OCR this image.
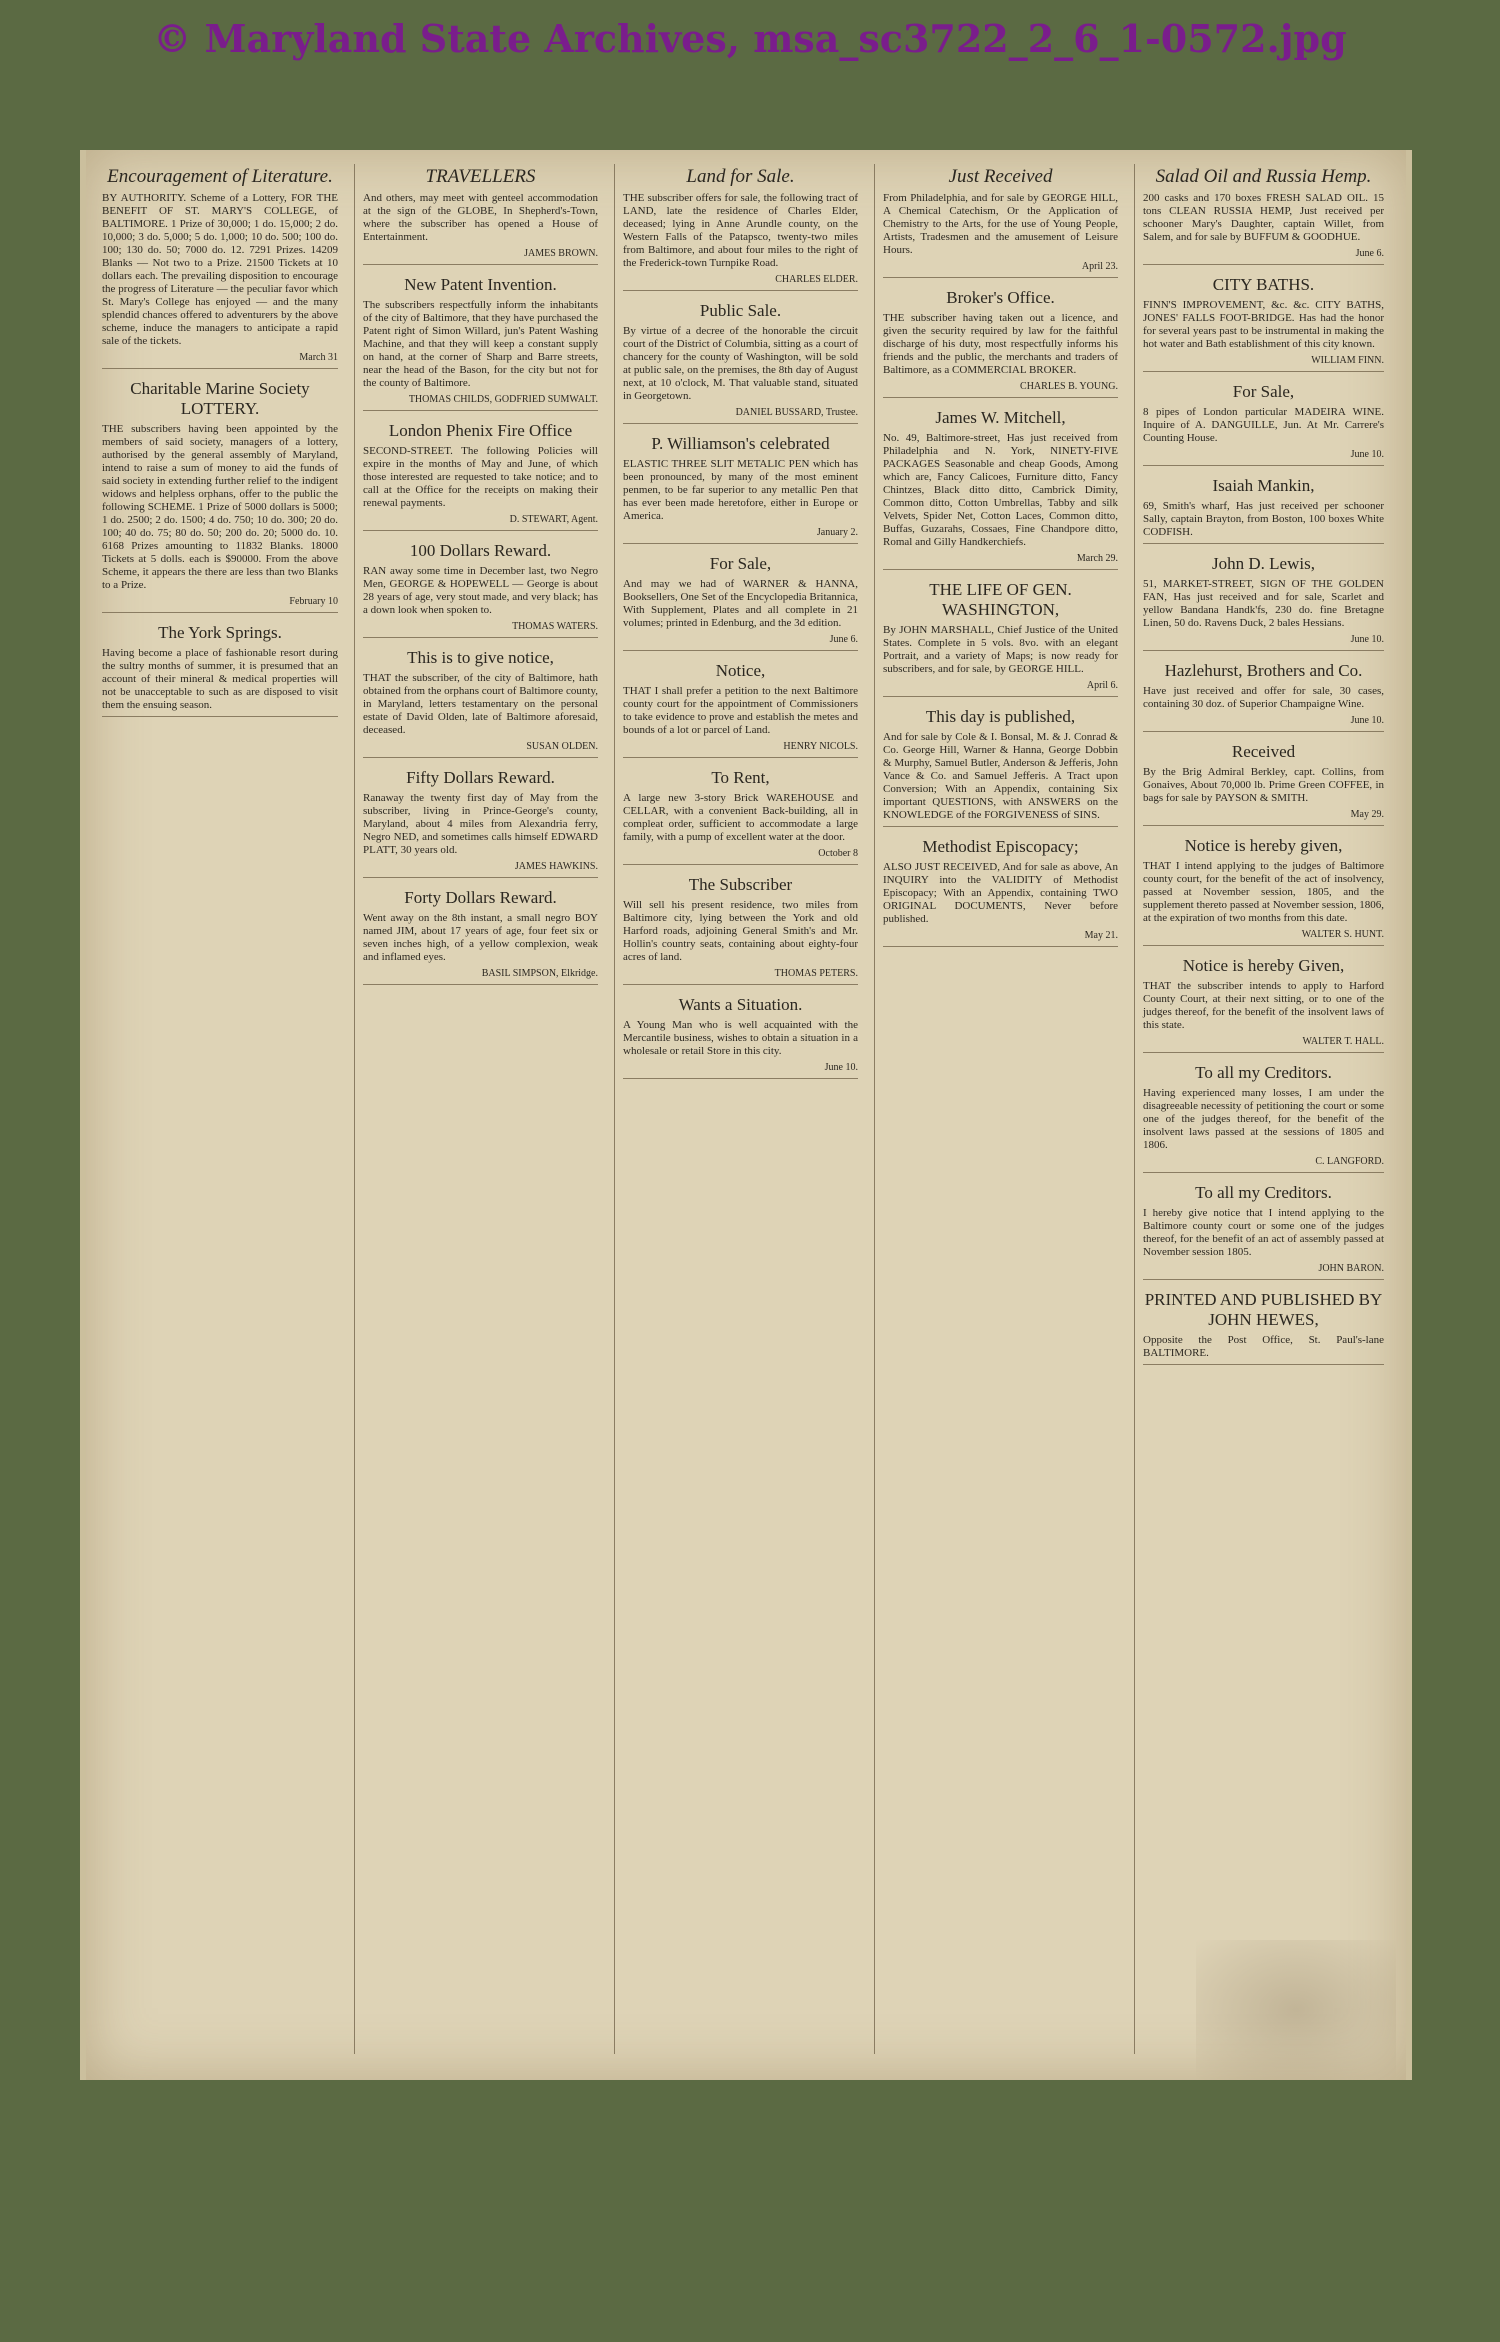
© Maryland State Archives, msa_sc3722_2_6_1-0572.jpg
Encouragement of Literature.
BY AUTHORITY. Scheme of a Lottery, FOR THE BENEFIT OF ST. MARY'S COLLEGE, of BALTIMORE. 1 Prize of 30,000; 1 do. 15,000; 2 do. 10,000; 3 do. 5,000; 5 do. 1,000; 10 do. 500; 100 do. 100; 130 do. 50; 7000 do. 12. 7291 Prizes. 14209 Blanks — Not two to a Prize. 21500 Tickets at 10 dollars each. The prevailing disposition to encourage the progress of Literature — the peculiar favor which St. Mary's College has enjoyed — and the many splendid chances offered to adventurers by the above scheme, induce the managers to anticipate a rapid sale of the tickets.
March 31
Charitable Marine Society LOTTERY.
THE subscribers having been appointed by the members of said society, managers of a lottery, authorised by the general assembly of Maryland, intend to raise a sum of money to aid the funds of said society in extending further relief to the indigent widows and helpless orphans, offer to the public the following SCHEME. 1 Prize of 5000 dollars is 5000; 1 do. 2500; 2 do. 1500; 4 do. 750; 10 do. 300; 20 do. 100; 40 do. 75; 80 do. 50; 200 do. 20; 5000 do. 10. 6168 Prizes amounting to 11832 Blanks. 18000 Tickets at 5 dolls. each is $90000. From the above Scheme, it appears the there are less than two Blanks to a Prize.
February 10
The York Springs.
Having become a place of fashionable resort during the sultry months of summer, it is presumed that an account of their mineral & medical properties will not be unacceptable to such as are disposed to visit them the ensuing season.
TRAVELLERS
And others, may meet with genteel accommodation at the sign of the GLOBE, In Shepherd's-Town, where the subscriber has opened a House of Entertainment.
JAMES BROWN.
New Patent Invention.
The subscribers respectfully inform the inhabitants of the city of Baltimore, that they have purchased the Patent right of Simon Willard, jun's Patent Washing Machine, and that they will keep a constant supply on hand, at the corner of Sharp and Barre streets, near the head of the Bason, for the city but not for the county of Baltimore.
THOMAS CHILDS, GODFRIED SUMWALT.
London Phenix Fire Office
SECOND-STREET. The following Policies will expire in the months of May and June, of which those interested are requested to take notice; and to call at the Office for the receipts on making their renewal payments.
D. STEWART, Agent.
100 Dollars Reward.
RAN away some time in December last, two Negro Men, GEORGE & HOPEWELL — George is about 28 years of age, very stout made, and very black; has a down look when spoken to.
THOMAS WATERS.
This is to give notice,
THAT the subscriber, of the city of Baltimore, hath obtained from the orphans court of Baltimore county, in Maryland, letters testamentary on the personal estate of David Olden, late of Baltimore aforesaid, deceased.
SUSAN OLDEN.
Fifty Dollars Reward.
Ranaway the twenty first day of May from the subscriber, living in Prince-George's county, Maryland, about 4 miles from Alexandria ferry, Negro NED, and sometimes calls himself EDWARD PLATT, 30 years old.
JAMES HAWKINS.
Forty Dollars Reward.
Went away on the 8th instant, a small negro BOY named JIM, about 17 years of age, four feet six or seven inches high, of a yellow complexion, weak and inflamed eyes.
BASIL SIMPSON, Elkridge.
Land for Sale.
THE subscriber offers for sale, the following tract of LAND, late the residence of Charles Elder, deceased; lying in Anne Arundle county, on the Western Falls of the Patapsco, twenty-two miles from Baltimore, and about four miles to the right of the Frederick-town Turnpike Road.
CHARLES ELDER.
Public Sale.
By virtue of a decree of the honorable the circuit court of the District of Columbia, sitting as a court of chancery for the county of Washington, will be sold at public sale, on the premises, the 8th day of August next, at 10 o'clock, M. That valuable stand, situated in Georgetown.
DANIEL BUSSARD, Trustee.
P. Williamson's celebrated
ELASTIC THREE SLIT METALIC PEN which has been pronounced, by many of the most eminent penmen, to be far superior to any metallic Pen that has ever been made heretofore, either in Europe or America.
January 2.
For Sale,
And may we had of WARNER & HANNA, Booksellers, One Set of the Encyclopedia Britannica, With Supplement, Plates and all complete in 21 volumes; printed in Edenburg, and the 3d edition.
June 6.
Notice,
THAT I shall prefer a petition to the next Baltimore county court for the appointment of Commissioners to take evidence to prove and establish the metes and bounds of a lot or parcel of Land.
HENRY NICOLS.
To Rent,
A large new 3-story Brick WAREHOUSE and CELLAR, with a convenient Back-building, all in compleat order, sufficient to accommodate a large family, with a pump of excellent water at the door.
October 8
The Subscriber
Will sell his present residence, two miles from Baltimore city, lying between the York and old Harford roads, adjoining General Smith's and Mr. Hollin's country seats, containing about eighty-four acres of land.
THOMAS PETERS.
Wants a Situation.
A Young Man who is well acquainted with the Mercantile business, wishes to obtain a situation in a wholesale or retail Store in this city.
June 10.
Just Received
From Philadelphia, and for sale by GEORGE HILL, A Chemical Catechism, Or the Application of Chemistry to the Arts, for the use of Young People, Artists, Tradesmen and the amusement of Leisure Hours.
April 23.
Broker's Office.
THE subscriber having taken out a licence, and given the security required by law for the faithful discharge of his duty, most respectfully informs his friends and the public, the merchants and traders of Baltimore, as a COMMERCIAL BROKER.
CHARLES B. YOUNG.
James W. Mitchell,
No. 49, Baltimore-street, Has just received from Philadelphia and N. York, NINETY-FIVE PACKAGES Seasonable and cheap Goods, Among which are, Fancy Calicoes, Furniture ditto, Fancy Chintzes, Black ditto ditto, Cambrick Dimity, Common ditto, Cotton Umbrellas, Tabby and silk Velvets, Spider Net, Cotton Laces, Common ditto, Buffas, Guzarahs, Cossaes, Fine Chandpore ditto, Romal and Gilly Handkerchiefs.
March 29.
THE LIFE OF GEN. WASHINGTON,
By JOHN MARSHALL, Chief Justice of the United States. Complete in 5 vols. 8vo. with an elegant Portrait, and a variety of Maps; is now ready for subscribers, and for sale, by GEORGE HILL.
April 6.
This day is published,
And for sale by Cole & I. Bonsal, M. & J. Conrad & Co. George Hill, Warner & Hanna, George Dobbin & Murphy, Samuel Butler, Anderson & Jefferis, John Vance & Co. and Samuel Jefferis. A Tract upon Conversion; With an Appendix, containing Six important QUESTIONS, with ANSWERS on the KNOWLEDGE of the FORGIVENESS of SINS.
Methodist Episcopacy;
ALSO JUST RECEIVED, And for sale as above, An INQUIRY into the VALIDITY of Methodist Episcopacy; With an Appendix, containing TWO ORIGINAL DOCUMENTS, Never before published.
May 21.
Salad Oil and Russia Hemp.
200 casks and 170 boxes FRESH SALAD OIL. 15 tons CLEAN RUSSIA HEMP, Just received per schooner Mary's Daughter, captain Willet, from Salem, and for sale by BUFFUM & GOODHUE.
June 6.
CITY BATHS.
FINN'S IMPROVEMENT, &c. &c. CITY BATHS, JONES' FALLS FOOT-BRIDGE. Has had the honor for several years past to be instrumental in making the hot water and Bath establishment of this city known.
WILLIAM FINN.
For Sale,
8 pipes of London particular MADEIRA WINE. Inquire of A. DANGUILLE, Jun. At Mr. Carrere's Counting House.
June 10.
Isaiah Mankin,
69, Smith's wharf, Has just received per schooner Sally, captain Brayton, from Boston, 100 boxes White CODFISH.
John D. Lewis,
51, MARKET-STREET, SIGN OF THE GOLDEN FAN, Has just received and for sale, Scarlet and yellow Bandana Handk'fs, 230 do. fine Bretagne Linen, 50 do. Ravens Duck, 2 bales Hessians.
June 10.
Hazlehurst, Brothers and Co.
Have just received and offer for sale, 30 cases, containing 30 doz. of Superior Champaigne Wine.
June 10.
Received
By the Brig Admiral Berkley, capt. Collins, from Gonaives, About 70,000 lb. Prime Green COFFEE, in bags for sale by PAYSON & SMITH.
May 29.
Notice is hereby given,
THAT I intend applying to the judges of Baltimore county court, for the benefit of the act of insolvency, passed at November session, 1805, and the supplement thereto passed at November session, 1806, at the expiration of two months from this date.
WALTER S. HUNT.
Notice is hereby Given,
THAT the subscriber intends to apply to Harford County Court, at their next sitting, or to one of the judges thereof, for the benefit of the insolvent laws of this state.
WALTER T. HALL.
To all my Creditors.
Having experienced many losses, I am under the disagreeable necessity of petitioning the court or some one of the judges thereof, for the benefit of the insolvent laws passed at the sessions of 1805 and 1806.
C. LANGFORD.
To all my Creditors.
I hereby give notice that I intend applying to the Baltimore county court or some one of the judges thereof, for the benefit of an act of assembly passed at November session 1805.
JOHN BARON.
PRINTED AND PUBLISHED BY JOHN HEWES,
Opposite the Post Office, St. Paul's-lane BALTIMORE.
